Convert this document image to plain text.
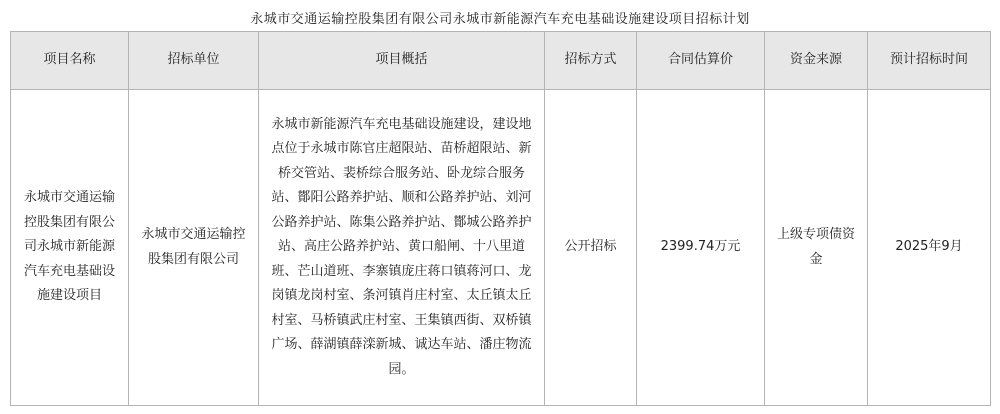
永城市交通运输控股集团有限公司永城市新能源汽车充电基础设施建设项目招标计划
项目名称	招标单位	项目概括	招标方式	合同估算价	资金来源	预计招标时间
永城市交通运输控股集团有限公司永城市新能源汽车充电基础设施建设项目	永城市交通运输控股集团有限公司	永城市新能源汽车充电基础设施建设，建设地点位于永城市陈官庄超限站、苗桥超限站、新桥交管站、裴桥综合服务站、卧龙综合服务站、鄼阳公路养护站、顺和公路养护站、刘河公路养护站、陈集公路养护站、鄼城公路养护站、高庄公路养护站、黄口船闸、十八里道班、芒山道班、李寨镇庞庄蒋口镇蒋河口、龙岗镇龙岗村室、条河镇肖庄村室、太丘镇太丘村室、马桥镇武庄村室、王集镇西街、双桥镇广场、薛湖镇薛滦新城、诚达车站、潘庄物流园。	公开招标	2399.74万元	上级专项债资金	2025年9月
